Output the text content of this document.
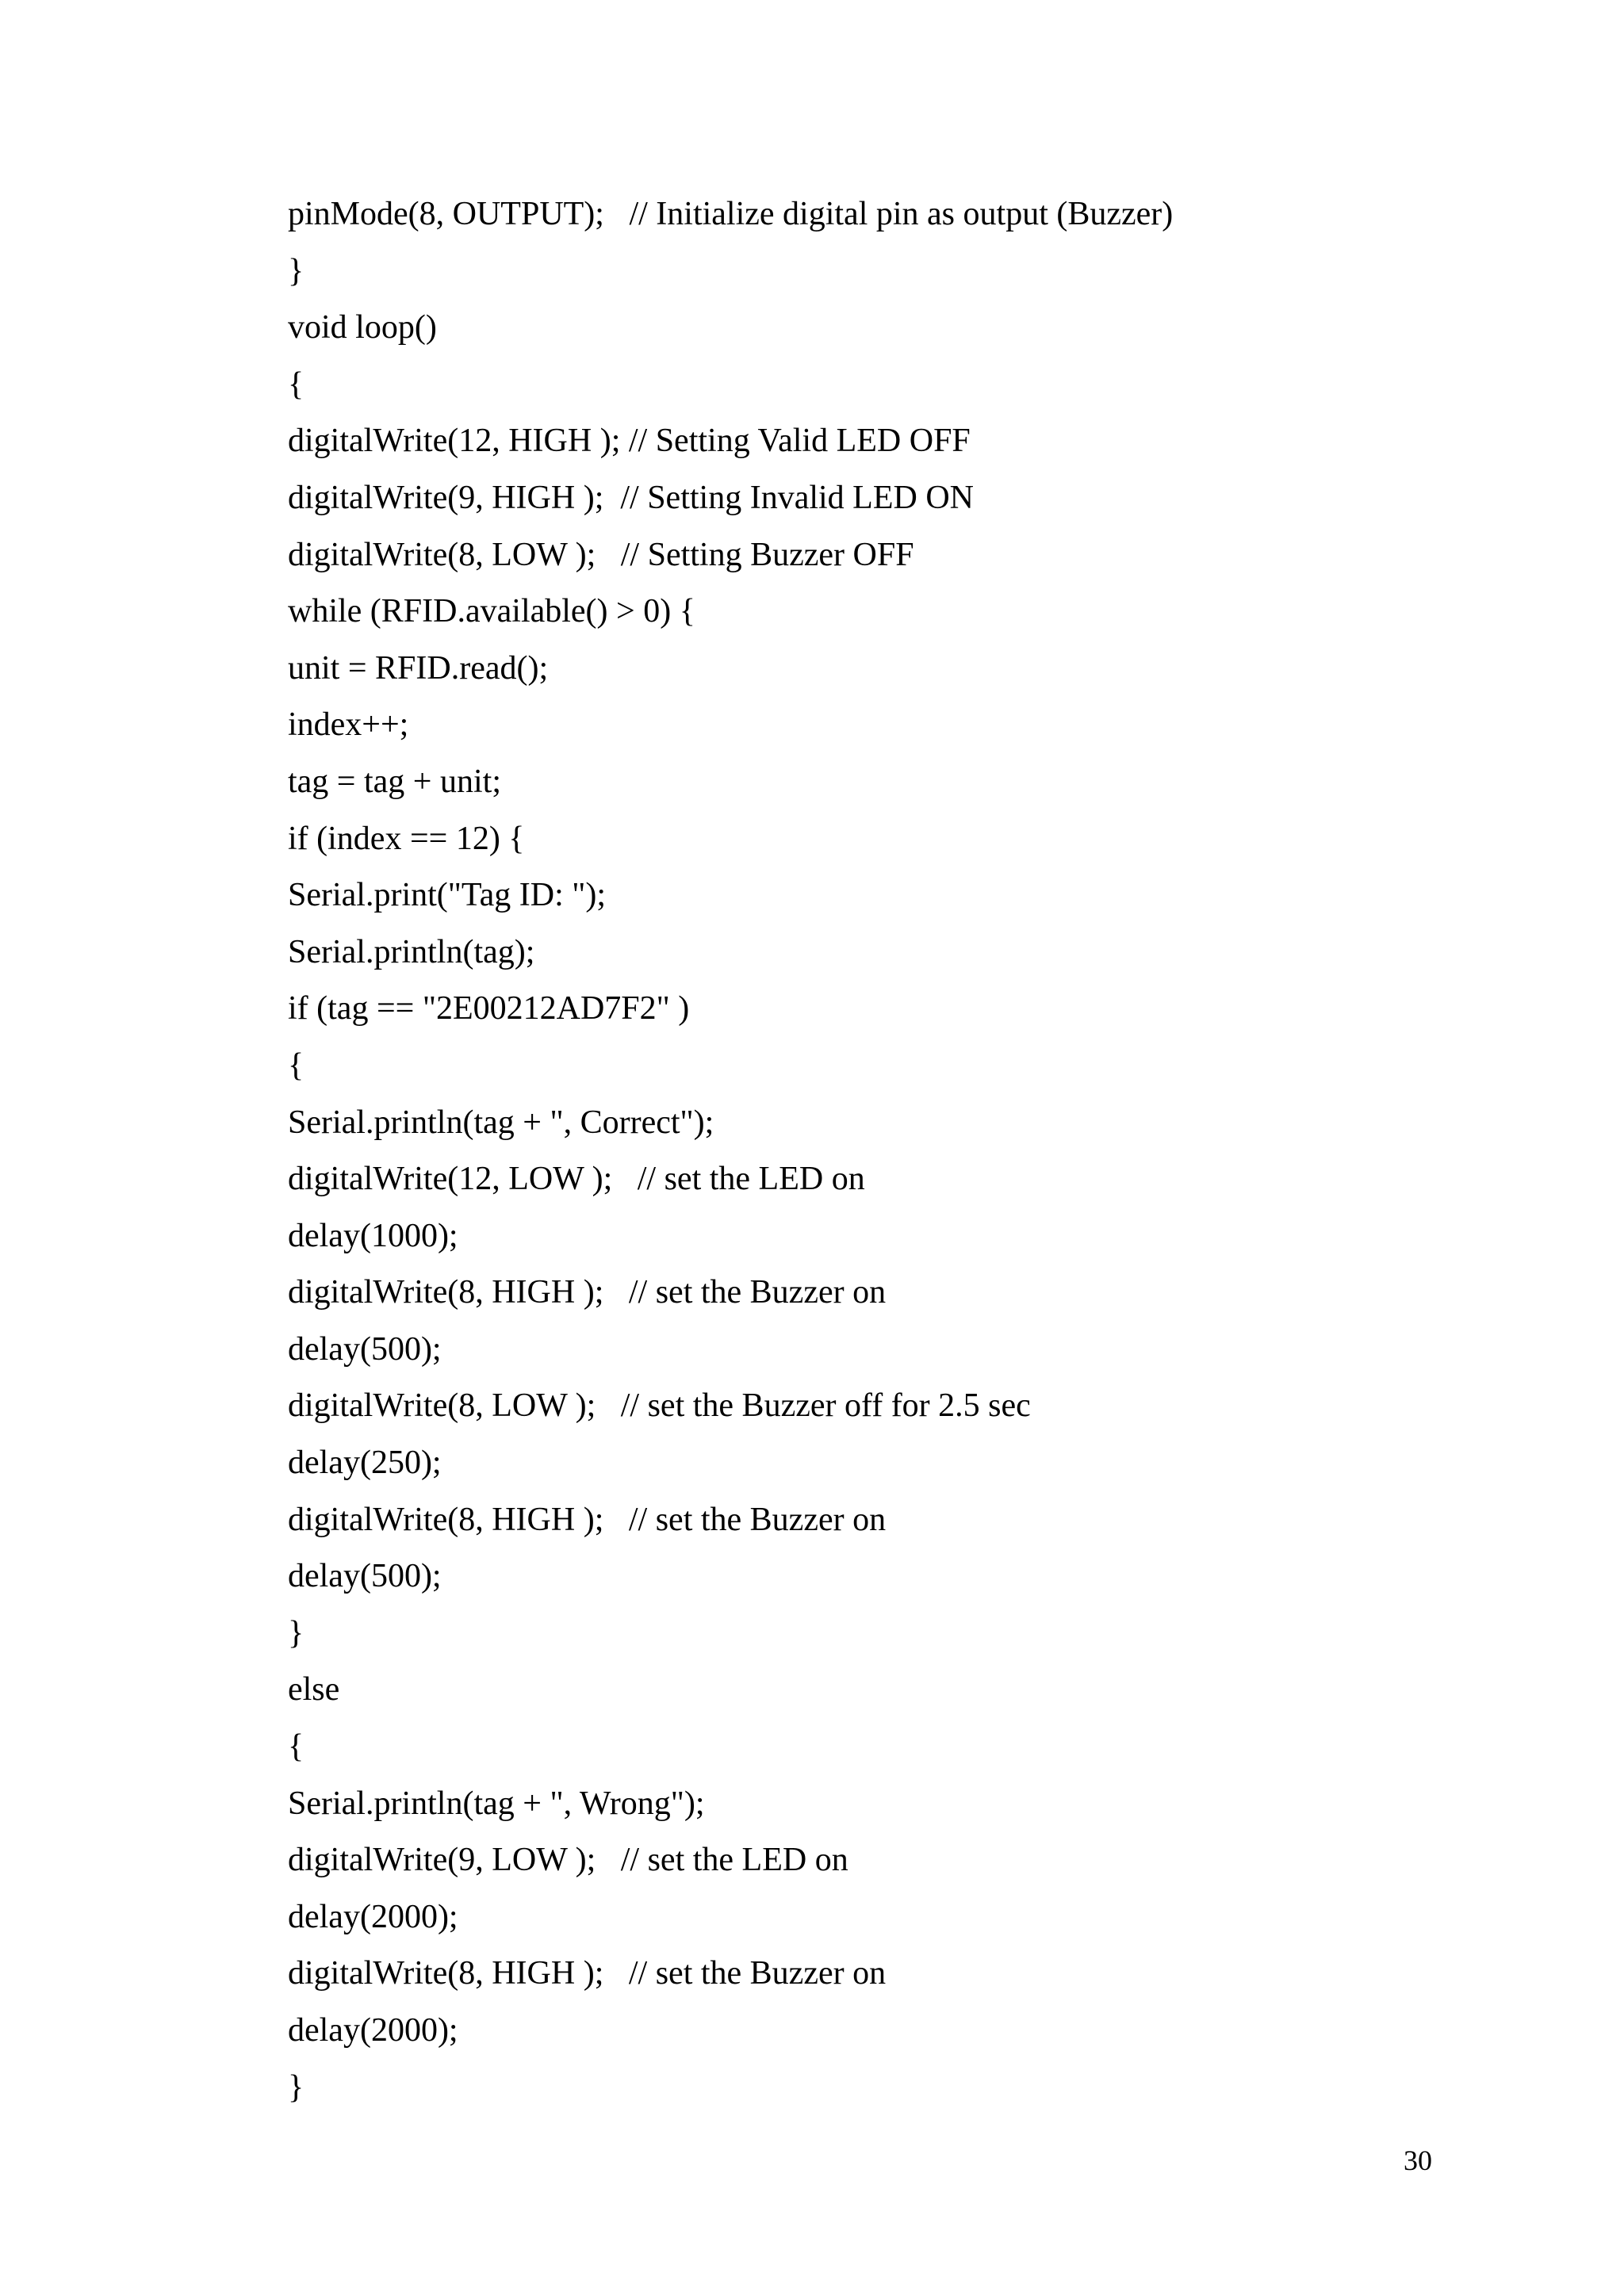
pinMode(8, OUTPUT);   // Initialize digital pin as output (Buzzer)
}
void loop()
{
digitalWrite(12, HIGH ); // Setting Valid LED OFF
digitalWrite(9, HIGH );  // Setting Invalid LED ON
digitalWrite(8, LOW );   // Setting Buzzer OFF
while (RFID.available() > 0) {
unit = RFID.read();
index++;
tag = tag + unit;
if (index == 12) {
Serial.print("Tag ID: ");
Serial.println(tag);
if (tag == "2E00212AD7F2" )
{
Serial.println(tag + ", Correct");
digitalWrite(12, LOW );   // set the LED on
delay(1000);
digitalWrite(8, HIGH );   // set the Buzzer on
delay(500);
digitalWrite(8, LOW );   // set the Buzzer off for 2.5 sec
delay(250);
digitalWrite(8, HIGH );   // set the Buzzer on
delay(500);
}
else
{
Serial.println(tag + ", Wrong");
digitalWrite(9, LOW );   // set the LED on
delay(2000);
digitalWrite(8, HIGH );   // set the Buzzer on
delay(2000);
}
30
